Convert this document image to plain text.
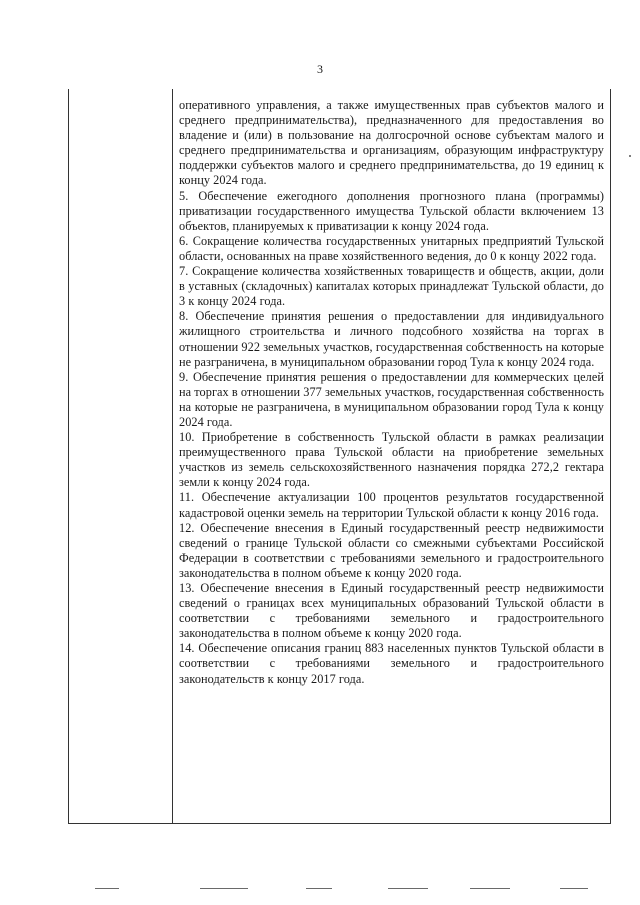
3

оперативного управления, а также имущественных прав субъектов малого и среднего предпринимательства), предназначенного для предоставления во владение и (или) в пользование на долгосрочной основе субъектам малого и среднего предпринимательства и организациям, образующим инфраструктуру поддержки субъектов малого и среднего предпринимательства, до 19 единиц к концу 2024 года.

5. Обеспечение ежегодного дополнения прогнозного плана (программы) приватизации государственного имущества Тульской области включением 13 объектов, планируемых к приватизации к концу 2024 года.

6. Сокращение количества государственных унитарных предприятий Тульской области, основанных на праве хозяйственного ведения, до 0 к концу 2022 года.

7. Сокращение количества хозяйственных товариществ и обществ, акции, доли в уставных (складочных) капиталах которых принадлежат Тульской области, до 3 к концу 2024 года.

8. Обеспечение принятия решения о предоставлении для индивидуального жилищного строительства и личного подсобного хозяйства на торгах в отношении 922 земельных участков, государственная собственность на которые не разграничена, в муниципальном образовании город Тула к концу 2024 года.

9. Обеспечение принятия решения о предоставлении для коммерческих целей на торгах в отношении 377 земельных участков, государственная собственность на которые не разграничена, в муниципальном образовании город Тула к концу 2024 года.

10. Приобретение в собственность Тульской области в рамках реализации преимущественного права Тульской области на приобретение земельных участков из земель сельскохозяйственного назначения порядка 272,2 гектара земли к концу 2024 года.

11. Обеспечение актуализации 100 процентов результатов государственной кадастровой оценки земель на территории Тульской области к концу 2016 года.

12. Обеспечение внесения в Единый государственный реестр недвижимости сведений о границе Тульской области со смежными субъектами Российской Федерации в соответствии с требованиями земельного и градостроительного законодательства в полном объеме к концу 2020 года.

13. Обеспечение внесения в Единый государственный реестр недвижимости сведений о границах всех муниципальных образований Тульской области в соответствии с требованиями земельного и градостроительного законодательства в полном объеме к концу 2020 года.

14. Обеспечение описания границ 883 населенных пунктов Тульской области в соответствии с требованиями земельного и градостроительного законодательств к концу 2017 года.
